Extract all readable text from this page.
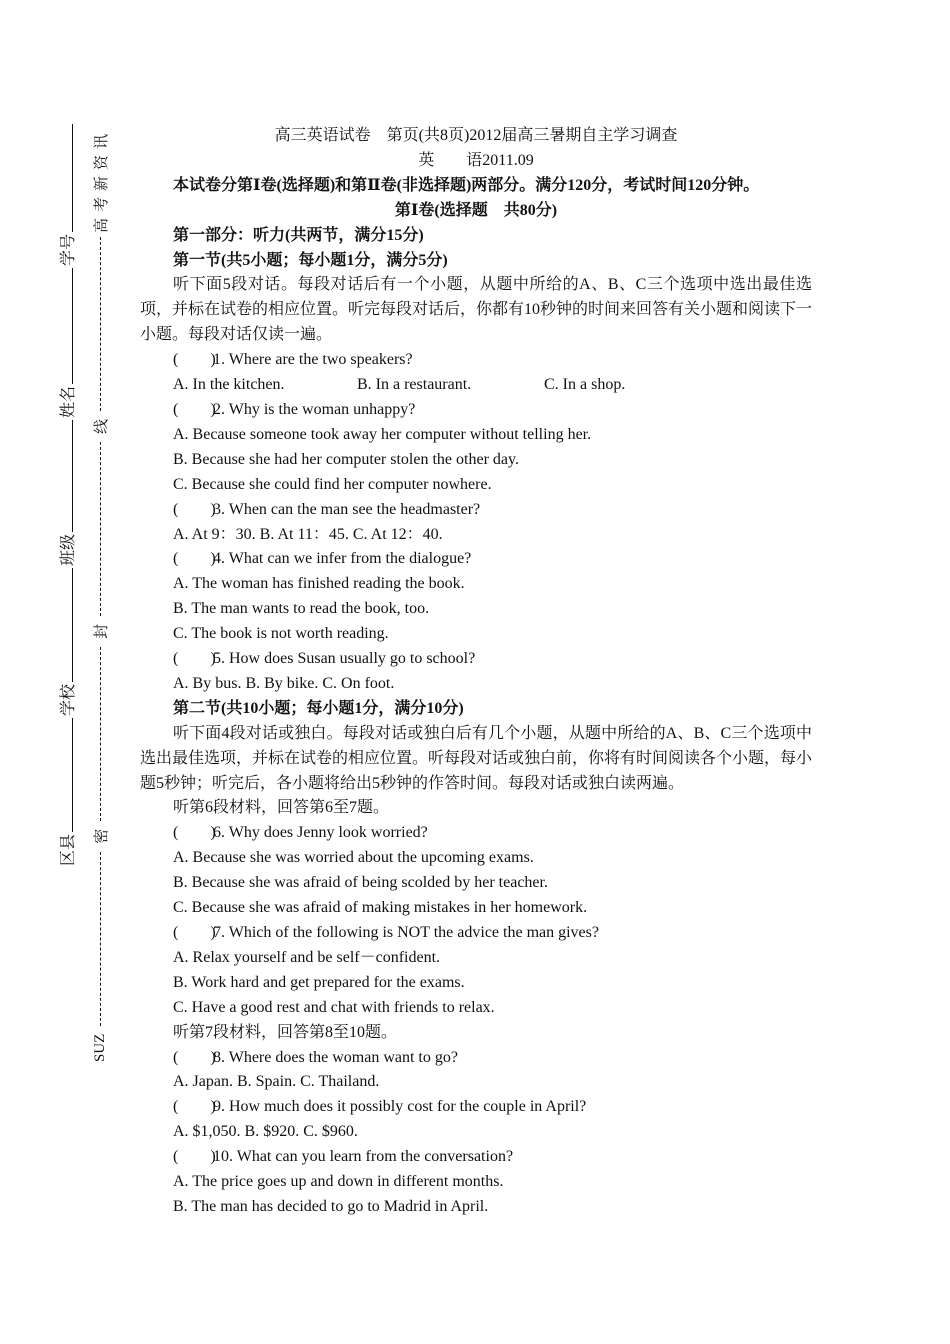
学号
姓名
班级
学校
区县
高考新资讯
线
封
密
SUZ
高三英语试卷　第页(共8页)2012届高三暑期自主学习调查
英　　语2011.09
本试卷分第Ⅰ卷(选择题)和第Ⅱ卷(非选择题)两部分。满分120分，考试时间120分钟。
第Ⅰ卷(选择题　共80分)
第一部分：听力(共两节，满分15分)
第一节(共5小题；每小题1分，满分5分)
听下面5段对话。每段对话后有一个小题，从题中所给的A、B、C三个选项中选出最佳选项，并标在试卷的相应位置。听完每段对话后，你都有10秒钟的时间来回答有关小题和阅读下一小题。每段对话仅读一遍。
(　　)1. Where are the two speakers?
A. In the kitchen.	B. In a restaurant.	C. In a shop.
(　　)2. Why is the woman unhappy?
A. Because someone took away her computer without telling her.
B. Because she had her computer stolen the other day.
C. Because she could find her computer nowhere.
(　　)3. When can the man see the headmaster?
A. At 9：30. B. At 11：45. C. At 12：40.
(　　)4. What can we infer from the dialogue?
A. The woman has finished reading the book.
B. The man wants to read the book, too.
C. The book is not worth reading.
(　　)5. How does Susan usually go to school?
A. By bus. B. By bike. C. On foot.
第二节(共10小题；每小题1分，满分10分)
听下面4段对话或独白。每段对话或独白后有几个小题，从题中所给的A、B、C三个选项中选出最佳选项，并标在试卷的相应位置。听每段对话或独白前，你将有时间阅读各个小题，每小题5秒钟；听完后，各小题将给出5秒钟的作答时间。每段对话或独白读两遍。
听第6段材料，回答第6至7题。
(　　)6. Why does Jenny look worried?
A. Because she was worried about the upcoming exams.
B. Because she was afraid of being scolded by her teacher.
C. Because she was afraid of making mistakes in her homework.
(　　)7. Which of the following is NOT the advice the man gives?
A. Relax yourself and be self－confident.
B. Work hard and get prepared for the exams.
C. Have a good rest and chat with friends to relax.
听第7段材料，回答第8至10题。
(　　)8. Where does the woman want to go?
A. Japan. B. Spain. C. Thailand.
(　　)9. How much does it possibly cost for the couple in April?
A. $1,050. B. $920. C. $960.
(　　)10. What can you learn from the conversation?
A. The price goes up and down in different months.
B. The man has decided to go to Madrid in April.
